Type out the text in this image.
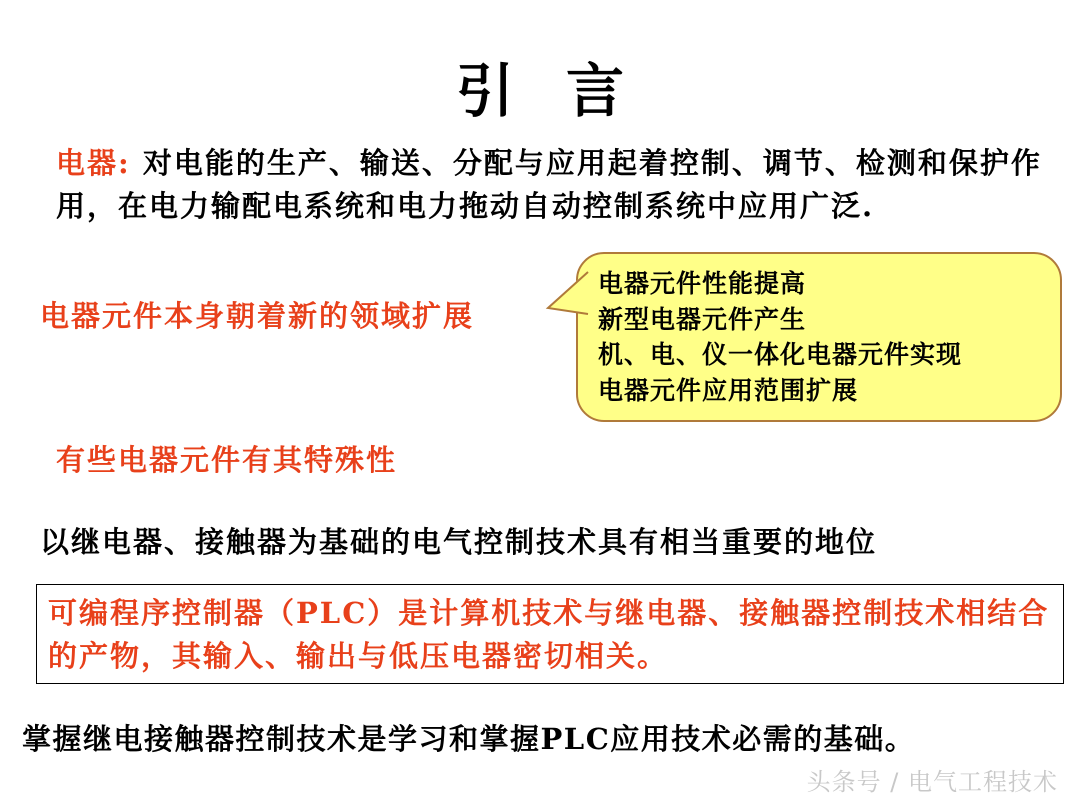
引言
电器: 对电能的生产、输送、分配与应用起着控制、调节、检测和保护作用，在电力输配电系统和电力拖动自动控制系统中应用广泛.
电器元件本身朝着新的领域扩展
电器元件性能提高
新型电器元件产生
机、电、仪一体化电器元件实现
电器元件应用范围扩展
有些电器元件有其特殊性
以继电器、接触器为基础的电气控制技术具有相当重要的地位
可编程序控制器（PLC）是计算机技术与继电器、接触器控制技术相结合的产物，其输入、输出与低压电器密切相关。
掌握继电接触器控制技术是学习和掌握PLC应用技术必需的基础。
头条号 / 电气工程技术
